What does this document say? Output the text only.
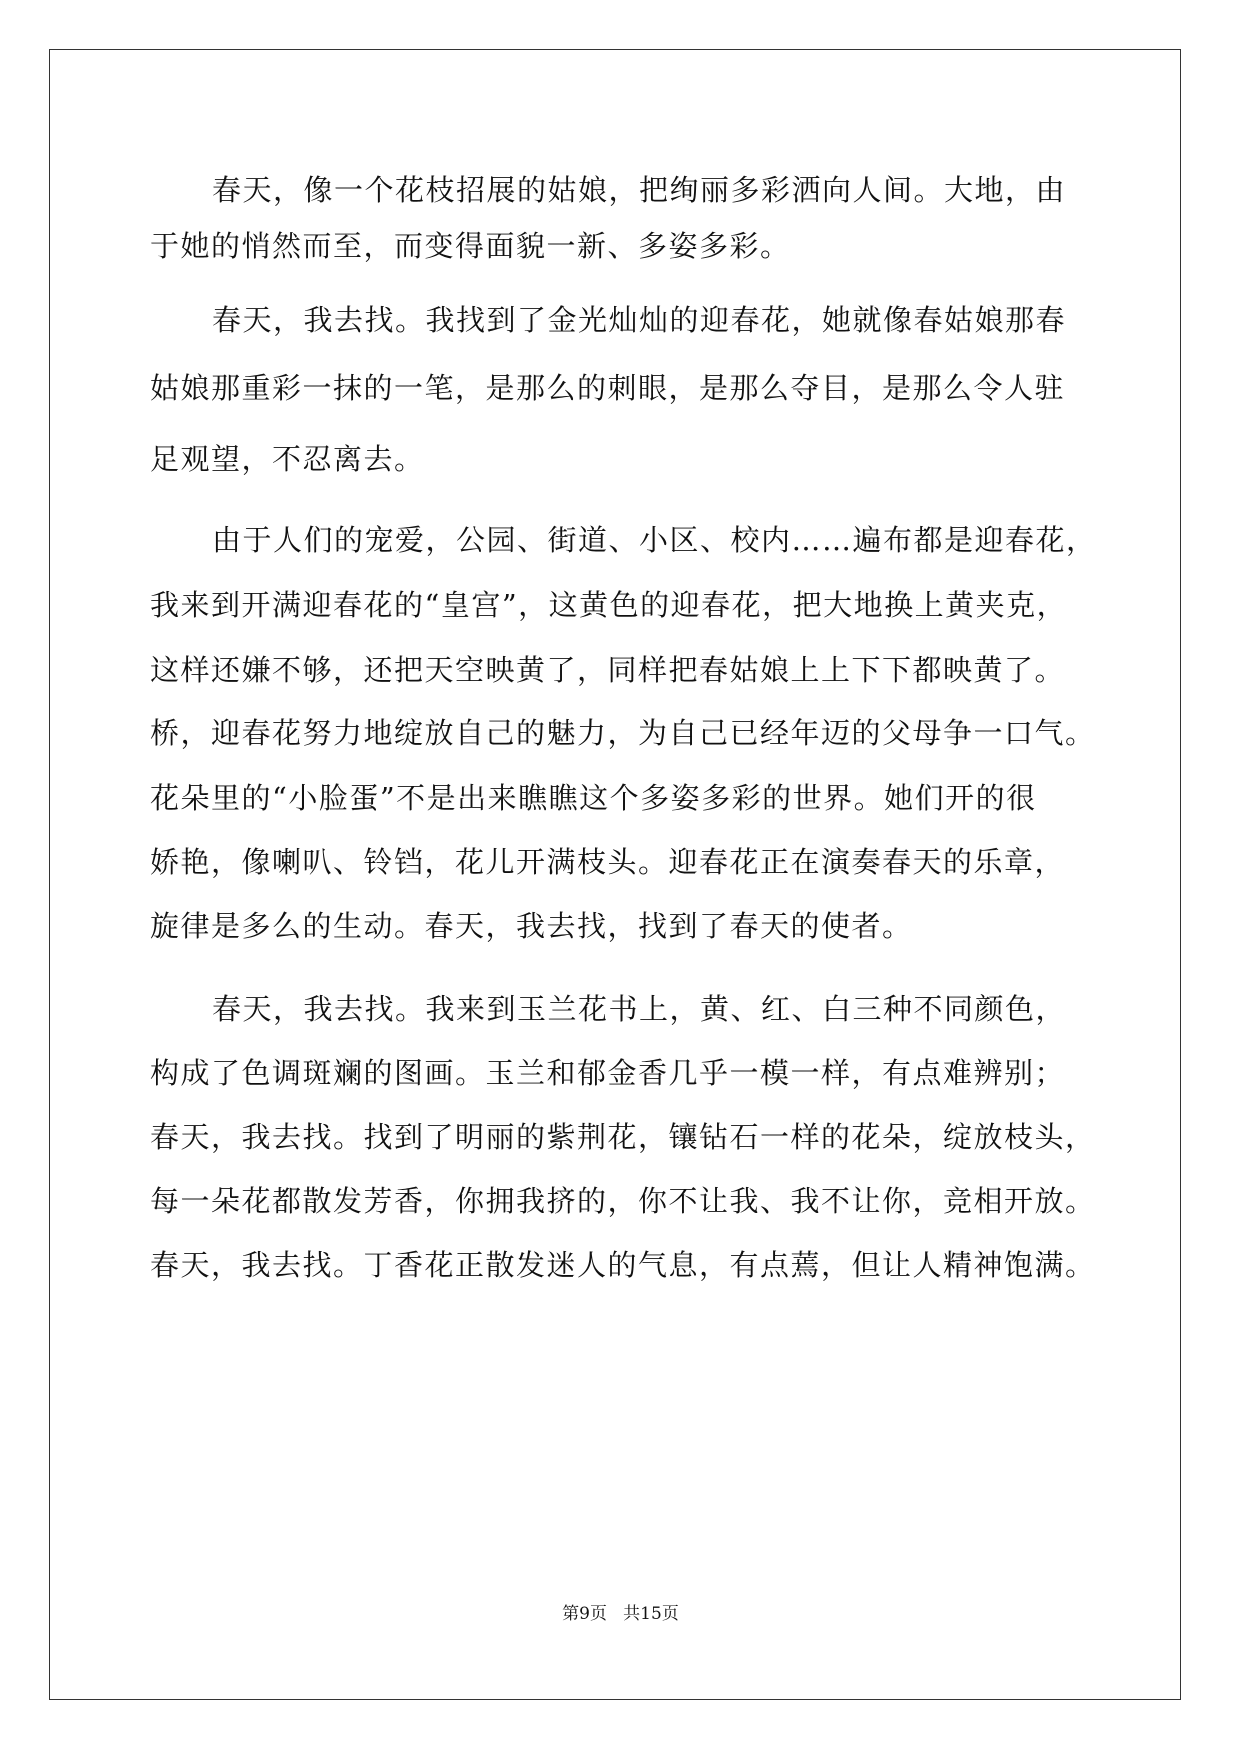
春天，像一个花枝招展的姑娘，把绚丽多彩洒向人间。大地，由
于她的悄然而至，而变得面貌一新、多姿多彩。
春天，我去找。我找到了金光灿灿的迎春花，她就像春姑娘那春
姑娘那重彩一抹的一笔，是那么的刺眼，是那么夺目，是那么令人驻
足观望，不忍离去。
由于人们的宠爱，公园、街道、小区、校内……遍布都是迎春花，
我来到开满迎春花的“皇宫”，这黄色的迎春花，把大地换上黄夹克，
这样还嫌不够，还把天空映黄了，同样把春姑娘上上下下都映黄了。
桥，迎春花努力地绽放自己的魅力，为自己已经年迈的父母争一口气。
花朵里的“小脸蛋”不是出来瞧瞧这个多姿多彩的世界。她们开的很
娇艳，像喇叭、铃铛，花儿开满枝头。迎春花正在演奏春天的乐章，
旋律是多么的生动。春天，我去找，找到了春天的使者。
春天，我去找。我来到玉兰花书上，黄、红、白三种不同颜色，
构成了色调斑斓的图画。玉兰和郁金香几乎一模一样，有点难辨别；
春天，我去找。找到了明丽的紫荆花，镶钻石一样的花朵，绽放枝头，
每一朵花都散发芳香，你拥我挤的，你不让我、我不让你，竞相开放。
春天，我去找。丁香花正散发迷人的气息，有点蔫，但让人精神饱满。
第9页   共15页
